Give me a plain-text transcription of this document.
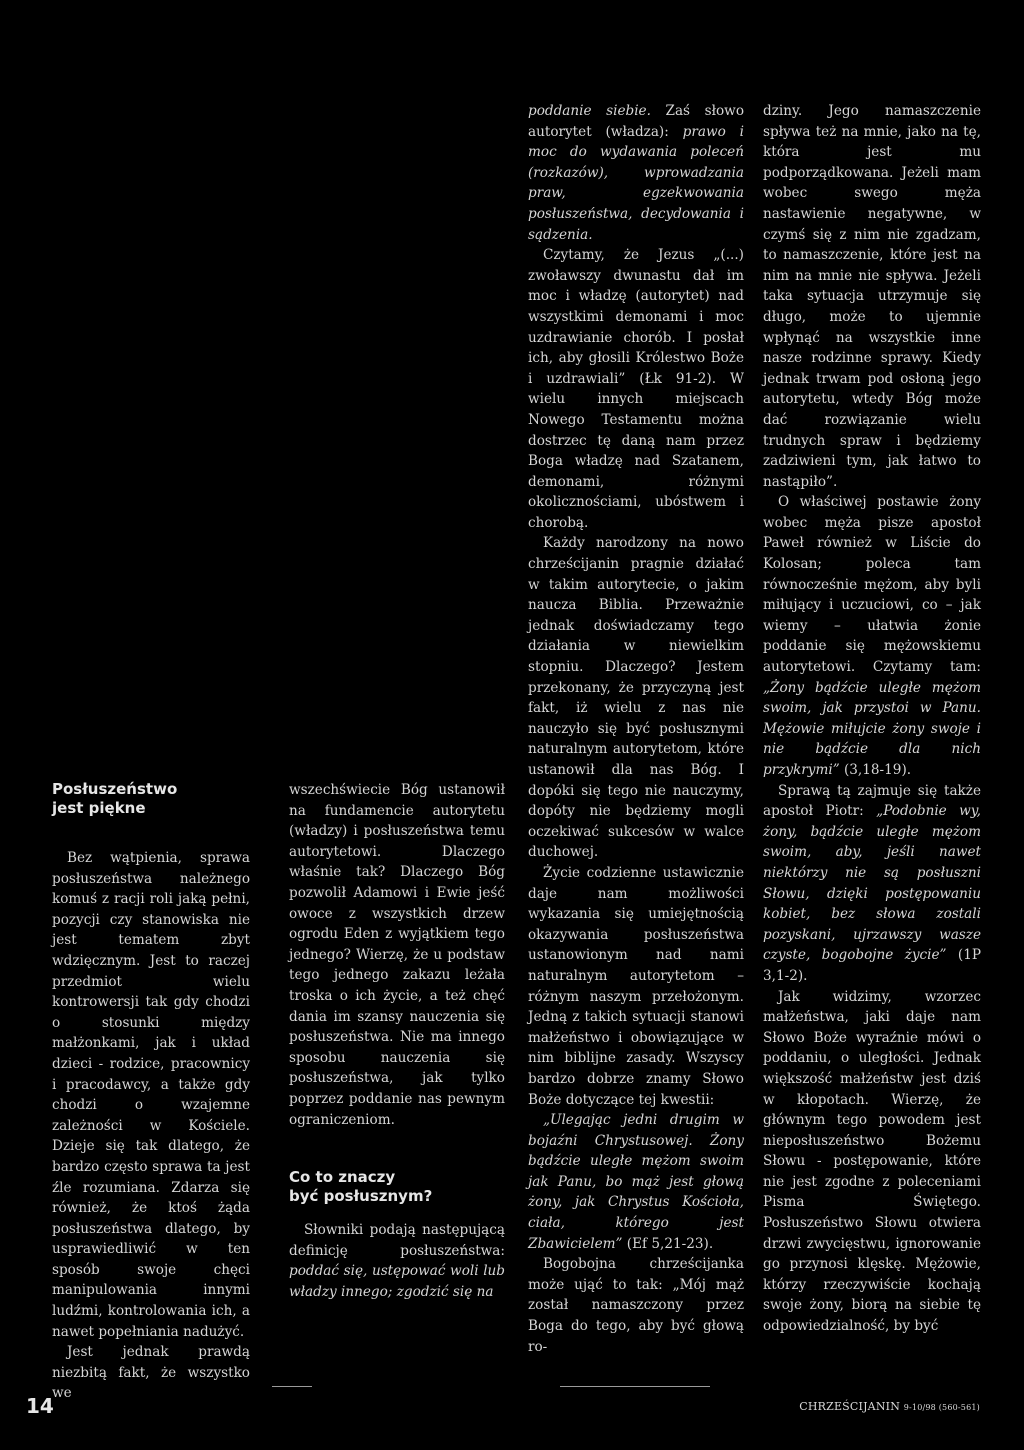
Posłuszeństwo
jest piękne

Bez wątpienia, sprawa posłuszeństwa należnego komuś z racji roli jaką pełni, pozycji czy stanowiska nie jest tematem zbyt wdzięcznym. Jest to raczej przedmiot wielu kontrowersji tak gdy chodzi o stosunki między małżonkami, jak i układ dzieci - rodzice, pracownicy i pracodawcy, a także gdy chodzi o wzajemne zależności w Kościele. Dzieje się tak dlatego, że bardzo często sprawa ta jest źle rozumiana. Zdarza się również, że ktoś żąda posłuszeństwa dlatego, by usprawiedliwić w ten sposób swoje chęci manipulowania innymi ludźmi, kontrolowania ich, a nawet popełniania nadużyć.

Jest jednak prawdą niezbitą fakt, że wszystko we

wszechświecie Bóg ustanowił na fundamencie autorytetu (władzy) i posłuszeństwa temu autorytetowi. Dlaczego właśnie tak? Dlaczego Bóg pozwolił Adamowi i Ewie jeść owoce z wszystkich drzew ogrodu Eden z wyjątkiem tego jednego? Wierzę, że u podstaw tego jednego zakazu leżała troska o ich życie, a też chęć dania im szansy nauczenia się posłuszeństwa. Nie ma innego sposobu nauczenia się posłuszeństwa, jak tylko poprzez poddanie nas pewnym ograniczeniom.

Co to znaczy
być posłusznym?

Słowniki podają następującą definicję posłuszeństwa: poddać się, ustępować woli lub władzy innego; zgodzić się na

poddanie siebie. Zaś słowo autorytet (władza): prawo i moc do wydawania poleceń (rozkazów), wprowadzania praw, egzekwowania posłuszeństwa, decydowania i sądzenia.

Czytamy, że Jezus „(...) zwoławszy dwunastu dał im moc i władzę (autorytet) nad wszystkimi demonami i moc uzdrawianie chorób. I posłał ich, aby głosili Królestwo Boże i uzdrawiali” (Łk 91-2). W wielu innych miejscach Nowego Testamentu można dostrzec tę daną nam przez Boga władzę nad Szatanem, demonami, różnymi okolicznościami, ubóstwem i chorobą.

Każdy narodzony na nowo chrześcijanin pragnie działać w takim autorytecie, o jakim naucza Biblia. Przeważnie jednak doświadczamy tego działania w niewielkim stopniu. Dlaczego? Jestem przekonany, że przyczyną jest fakt, iż wielu z nas nie nauczyło się być posłusznymi naturalnym autorytetom, które ustanowił dla nas Bóg. I dopóki się tego nie nauczymy, dopóty nie będziemy mogli oczekiwać sukcesów w walce duchowej.

Życie codzienne ustawicznie daje nam możliwości wykazania się umiejętnością okazywania posłuszeństwa ustanowionym nad nami naturalnym autorytetom – różnym naszym przełożonym. Jedną z takich sytuacji stanowi małżeństwo i obowiązujące w nim biblijne zasady. Wszyscy bardzo dobrze znamy Słowo Boże dotyczące tej kwestii:

„Ulegając jedni drugim w bojaźni Chrystusowej. Żony bądźcie uległe mężom swoim jak Panu, bo mąż jest głową żony, jak Chrystus Kościoła, ciała, którego jest Zbawicielem” (Ef 5,21-23).

Bogobojna chrześcijanka może ująć to tak: „Mój mąż został namaszczony przez Boga do tego, aby być głową ro-

dziny. Jego namaszczenie spływa też na mnie, jako na tę, która jest mu podporządkowana. Jeżeli mam wobec swego męża nastawienie negatywne, w czymś się z nim nie zgadzam, to namaszczenie, które jest na nim na mnie nie spływa. Jeżeli taka sytuacja utrzymuje się długo, może to ujemnie wpłynąć na wszystkie inne nasze rodzinne sprawy. Kiedy jednak trwam pod osłoną jego autorytetu, wtedy Bóg może dać rozwiązanie wielu trudnych spraw i będziemy zadziwieni tym, jak łatwo to nastąpiło”.

O właściwej postawie żony wobec męża pisze apostoł Paweł również w Liście do Kolosan; poleca tam równocześnie mężom, aby byli miłujący i uczuciowi, co – jak wiemy – ułatwia żonie poddanie się mężowskiemu autorytetowi. Czytamy tam: „Żony bądźcie uległe mężom swoim, jak przystoi w Panu. Mężowie miłujcie żony swoje i nie bądźcie dla nich przykrymi” (3,18-19).

Sprawą tą zajmuje się także apostoł Piotr: „Podobnie wy, żony, bądźcie uległe mężom swoim, aby, jeśli nawet niektórzy nie są posłuszni Słowu, dzięki postępowaniu kobiet, bez słowa zostali pozyskani, ujrzawszy wasze czyste, bogobojne życie” (1P 3,1-2).

Jak widzimy, wzorzec małżeństwa, jaki daje nam Słowo Boże wyraźnie mówi o poddaniu, o uległości. Jednak większość małżeństw jest dziś w kłopotach. Wierzę, że głównym tego powodem jest nieposłuszeństwo Bożemu Słowu - postępowanie, które nie jest zgodne z poleceniami Pisma Świętego. Posłuszeństwo Słowu otwiera drzwi zwycięstwu, ignorowanie go przynosi klęskę. Mężowie, którzy rzeczywiście kochają swoje żony, biorą na siebie tę odpowiedzialność, by być

14	CHRZEŚCIJANIN 9-10/98 (560-561)
